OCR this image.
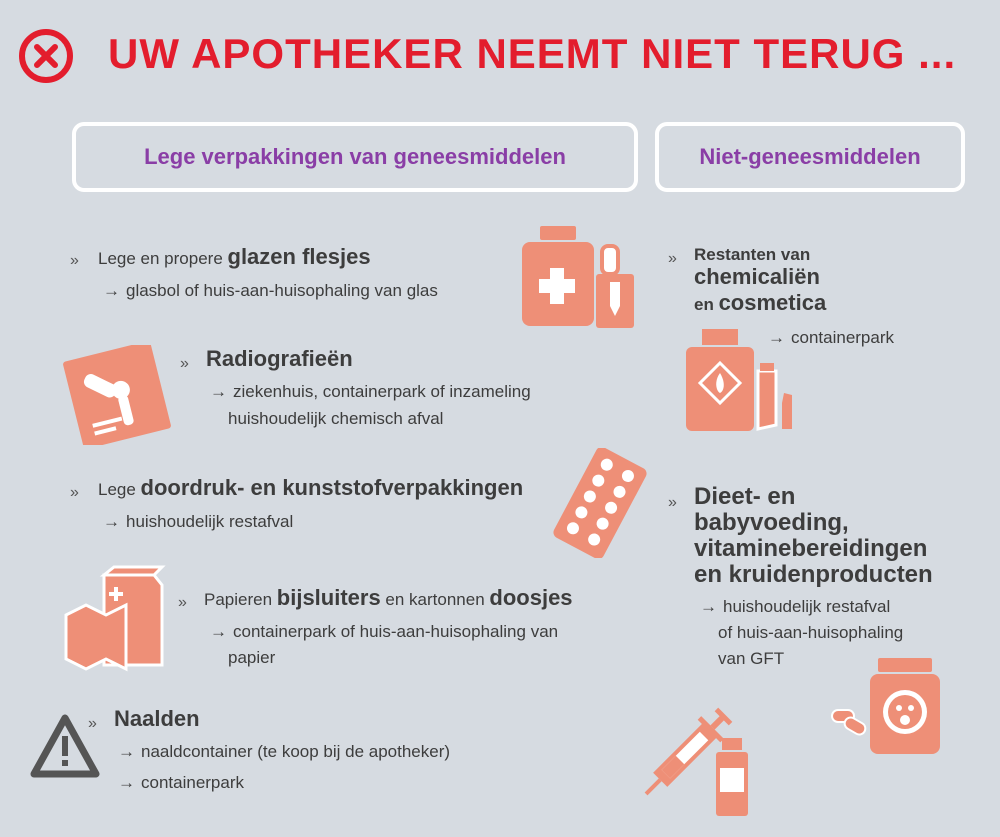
UW APOTHEKER NEEMT NIET TERUG ...
Lege verpakkingen van geneesmiddelen	Niet-geneesmiddelen
» Lege en propere glazen flesjes
→ glasbol of huis-aan-huisophaling van glas
» Radiografieën
→ ziekenhuis, containerpark of inzameling
huishoudelijk chemisch afval
» Lege doordruk- en kunststofverpakkingen
→ huishoudelijk restafval
» Papieren bijsluiters en kartonnen doosjes
→ containerpark of huis-aan-huisophaling van
papier
» Naalden
→ naaldcontainer (te koop bij de apotheker)
→ containerpark
» Restanten van
chemicaliën
en cosmetica
→ containerpark
» Dieet- en
babyvoeding,
vitaminebereidingen
en kruidenproducten
→ huishoudelijk restafval
of huis-aan-huisophaling
van GFT
